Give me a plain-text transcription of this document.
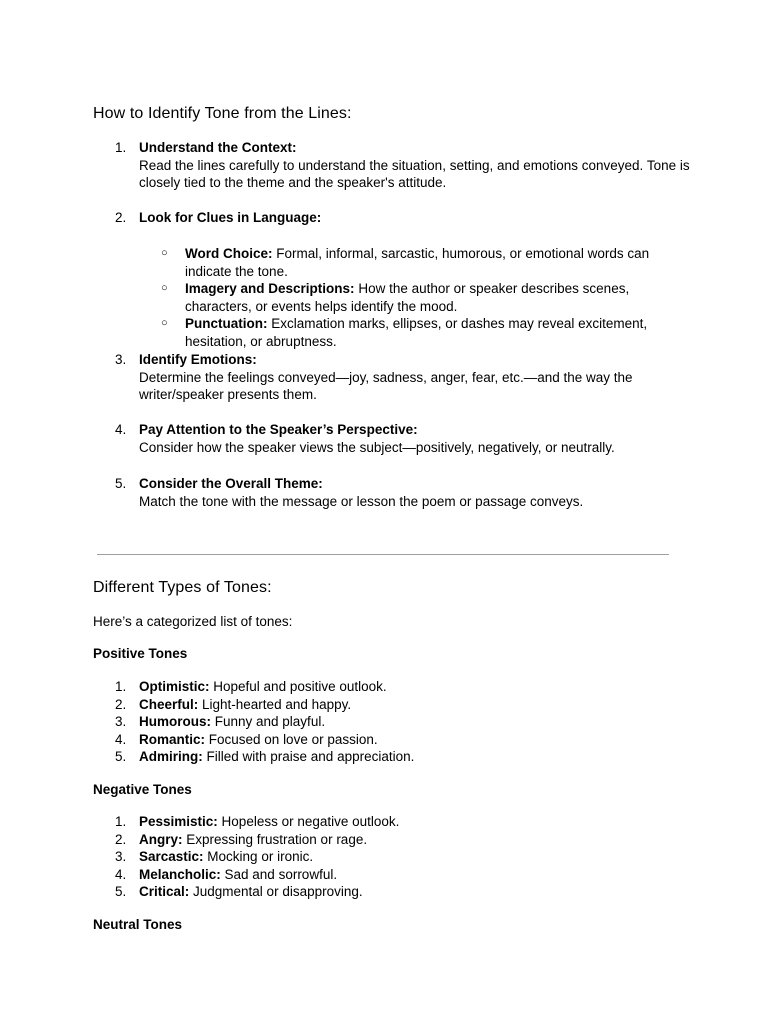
How to Identify Tone from the Lines:
1. Understand the Context:
Read the lines carefully to understand the situation, setting, and emotions conveyed. Tone is closely tied to the theme and the speaker's attitude.
2. Look for Clues in Language:
○ Word Choice: Formal, informal, sarcastic, humorous, or emotional words can indicate the tone.
○ Imagery and Descriptions: How the author or speaker describes scenes, characters, or events helps identify the mood.
○ Punctuation: Exclamation marks, ellipses, or dashes may reveal excitement, hesitation, or abruptness.
3. Identify Emotions:
Determine the feelings conveyed—joy, sadness, anger, fear, etc.—and the way the writer/speaker presents them.
4. Pay Attention to the Speaker’s Perspective:
Consider how the speaker views the subject—positively, negatively, or neutrally.
5. Consider the Overall Theme:
Match the tone with the message or lesson the poem or passage conveys.
Different Types of Tones:

Here’s a categorized list of tones:

Positive Tones

1. Optimistic: Hopeful and positive outlook.
2. Cheerful: Light-hearted and happy.
3. Humorous: Funny and playful.
4. Romantic: Focused on love or passion.
5. Admiring: Filled with praise and appreciation.

Negative Tones

1. Pessimistic: Hopeless or negative outlook.
2. Angry: Expressing frustration or rage.
3. Sarcastic: Mocking or ironic.
4. Melancholic: Sad and sorrowful.
5. Critical: Judgmental or disapproving.

Neutral Tones
